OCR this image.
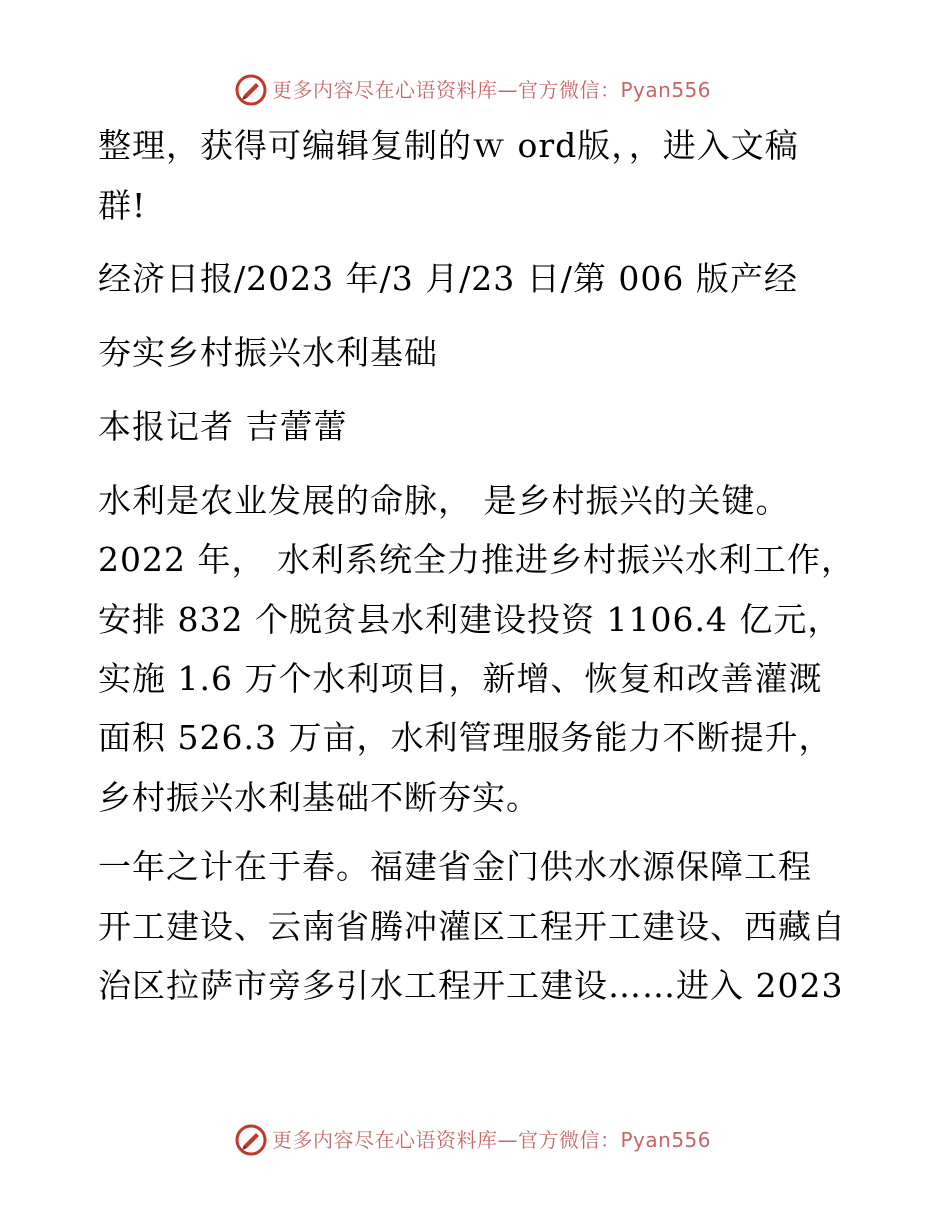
更多内容尽在心语资料库—官方微信：Pyan556
整理，获得可编辑复制的ｗ ord版，，进入文稿
群!
经济日报/2023 年/3 月/23 日/第 006 版产经
夯实乡村振兴水利基础
本报记者 吉蕾蕾
水利是农业发展的命脉， 是乡村振兴的关键。
2022 年， 水利系统全力推进乡村振兴水利工作，
安排 832 个脱贫县水利建设投资 1106.4 亿元，
实施 1.6 万个水利项目，新增、恢复和改善灌溉
面积 526.3 万亩，水利管理服务能力不断提升，
乡村振兴水利基础不断夯实。
一年之计在于春。福建省金门供水水源保障工程
开工建设、云南省腾冲灌区工程开工建设、西藏自
治区拉萨市旁多引水工程开工建设……进入 2023
更多内容尽在心语资料库—官方微信：Pyan556
